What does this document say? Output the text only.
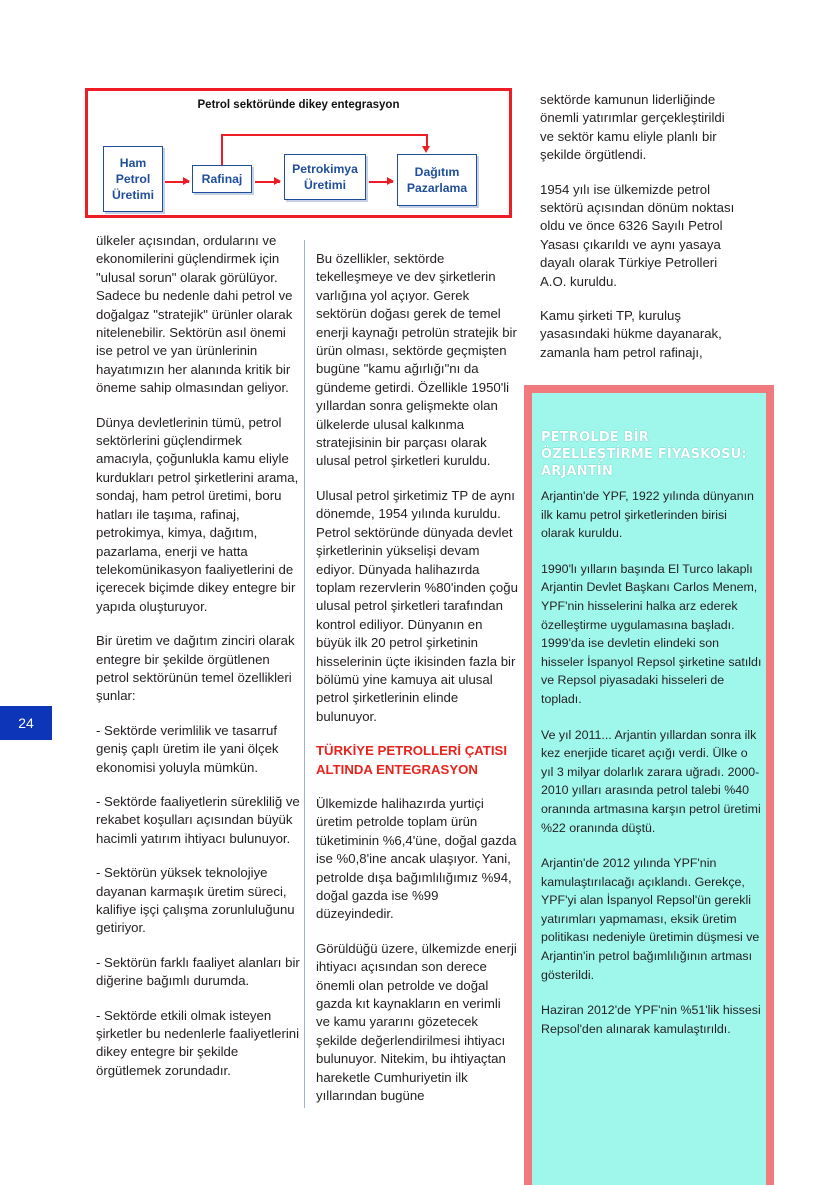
Petrol sektöründe dikey entegrasyon
Ham
Petrol
Üretimi
Rafinaj
Petrokimya
Üretimi
Dağıtım
Pazarlama

ülkeler açısından, ordularını ve ekonomilerini güçlendirmek için "ulusal sorun" olarak görülüyor. Sadece bu nedenle dahi petrol ve doğalgaz "stratejik" ürünler olarak nitelenebilir. Sektörün asıl önemi ise petrol ve yan ürünlerinin hayatımızın her alanında kritik bir öneme sahip olmasından geliyor.

Dünya devletlerinin tümü, petrol sektörlerini güçlendirmek amacıyla, çoğunlukla kamu eliyle kurdukları petrol şirketlerini arama, sondaj, ham petrol üretimi, boru hatları ile taşıma, rafinaj, petrokimya, kimya, dağıtım, pazarlama, enerji ve hatta telekomünikasyon faaliyetlerini de içerecek biçimde dikey entegre bir yapıda oluşturuyor.

Bir üretim ve dağıtım zinciri olarak entegre bir şekilde örgütlenen petrol sektörünün temel özellikleri şunlar:

- Sektörde verimlilik ve tasarruf geniş çaplı üretim ile yani ölçek ekonomisi yoluyla mümkün.

- Sektörde faaliyetlerin sürekliliğ ve rekabet koşulları açısından büyük hacimli yatırım ihtiyacı bulunuyor.

- Sektörün yüksek teknolojiye dayanan karmaşık üretim süreci, kalifiye işçi çalışma zorunluluğunu getiriyor.

- Sektörün farklı faaliyet alanları bir diğerine bağımlı durumda.

- Sektörde etkili olmak isteyen şirketler bu nedenlerle faaliyetlerini dikey entegre bir şekilde örgütlemek zorundadır.

Bu özellikler, sektörde tekelleşmeye ve dev şirketlerin varlığına yol açıyor. Gerek sektörün doğası gerek de temel enerji kaynağı petrolün stratejik bir ürün olması, sektörde geçmişten bugüne "kamu ağırlığı"nı da gündeme getirdi. Özellikle 1950'li yıllardan sonra gelişmekte olan ülkelerde ulusal kalkınma stratejisinin bir parçası olarak ulusal petrol şirketleri kuruldu.

Ulusal petrol şirketimiz TP de aynı dönemde, 1954 yılında kuruldu. Petrol sektöründe dünyada devlet şirketlerinin yükselişi devam ediyor. Dünyada halihazırda toplam rezervlerin %80'inden çoğu ulusal petrol şirketleri tarafından kontrol ediliyor. Dünyanın en büyük ilk 20 petrol şirketinin hisselerinin üçte ikisinden fazla bir bölümü yine kamuya ait ulusal petrol şirketlerinin elinde bulunuyor.

TÜRKİYE PETROLLERİ ÇATISI ALTINDA ENTEGRASYON

Ülkemizde halihazırda yurtiçi üretim petrolde toplam ürün tüketiminin %6,4'üne, doğal gazda ise %0,8'ine ancak ulaşıyor. Yani, petrolde dışa bağımlılığımız %94, doğal gazda ise %99 düzeyindedir.

Görüldüğü üzere, ülkemizde enerji ihtiyacı açısından son derece önemli olan petrolde ve doğal gazda kıt kaynakların en verimli ve kamu yararını gözetecek şekilde değerlendirilmesi ihtiyacı bulunuyor. Nitekim, bu ihtiyaçtan hareketle Cumhuriyetin ilk yıllarından bugüne

sektörde kamunun liderliğinde önemli yatırımlar gerçekleştirildi ve sektör kamu eliyle planlı bir şekilde örgütlendi.

1954 yılı ise ülkemizde petrol sektörü açısından dönüm noktası oldu ve önce 6326 Sayılı Petrol Yasası çıkarıldı ve aynı yasaya dayalı olarak Türkiye Petrolleri A.O. kuruldu.

Kamu şirketi TP, kuruluş yasasındaki hükme dayanarak, zamanla ham petrol rafinajı,

PETROLDE BİR ÖZELLEŞTİRME FİYASKOSU: ARJANTİN

Arjantin'de YPF, 1922 yılında dünyanın ilk kamu petrol şirketlerinden birisi olarak kuruldu.

1990'lı yılların başında El Turco lakaplı Arjantin Devlet Başkanı Carlos Menem, YPF'nin hisselerini halka arz ederek özelleştirme uygulamasına başladı. 1999'da ise devletin elindeki son hisseler İspanyol Repsol şirketine satıldı ve Repsol piyasadaki hisseleri de topladı.

Ve yıl 2011... Arjantin yıllardan sonra ilk kez enerjide ticaret açığı verdi. Ülke o yıl 3 milyar dolarlık zarara uğradı. 2000-2010 yılları arasında petrol talebi %40 oranında artmasına karşın petrol üretimi %22 oranında düştü.

Arjantin'de 2012 yılında YPF'nin kamulaştırılacağı açıklandı. Gerekçe, YPF'yi alan İspanyol Repsol'ün gerekli yatırımları yapmaması, eksik üretim politikası nedeniyle üretimin düşmesi ve Arjantin'in petrol bağımlılığının artması gösterildi.

Haziran 2012'de YPF'nin %51'lik hissesi Repsol'den alınarak kamulaştırıldı.

24
